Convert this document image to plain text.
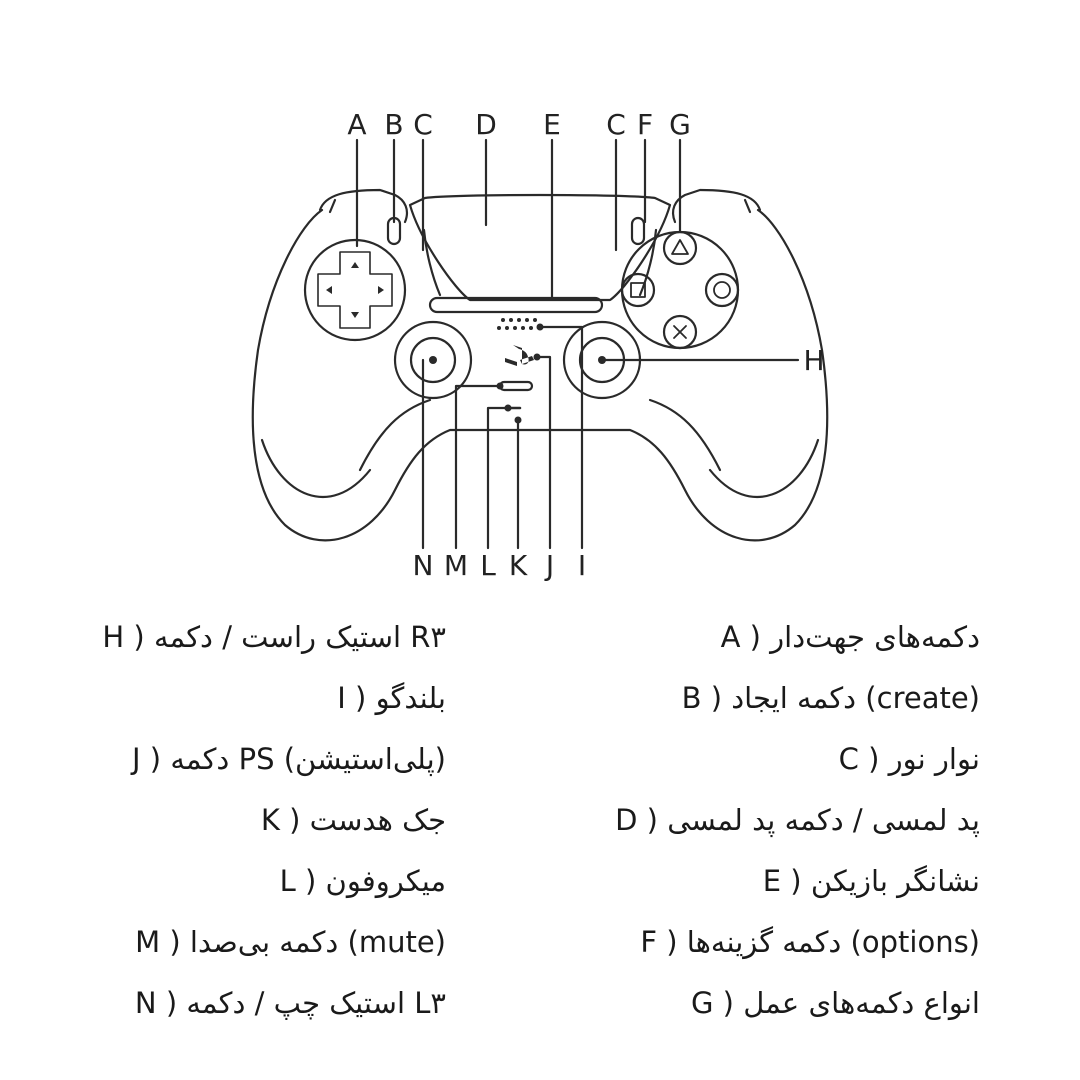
A B C D E C F G
H
N M L K J I
A ) دکمه‌های جهت‌دار
B ) دکمه ایجاد (create)
C ) نوار نور
D ) پد لمسی / دکمه پد لمسی
E ) نشانگر بازیکن
F ) دکمه گزینه‌ها (options)
G ) انواع دکمه‌های عمل
H ) استیک راست / دکمه R۳
I ) بلندگو
J ) دکمه PS (پلی‌استیشن)
K ) جک هدست
L ) میکروفون
M ) دکمه بی‌صدا (mute)
N ) استیک چپ / دکمه L۳
